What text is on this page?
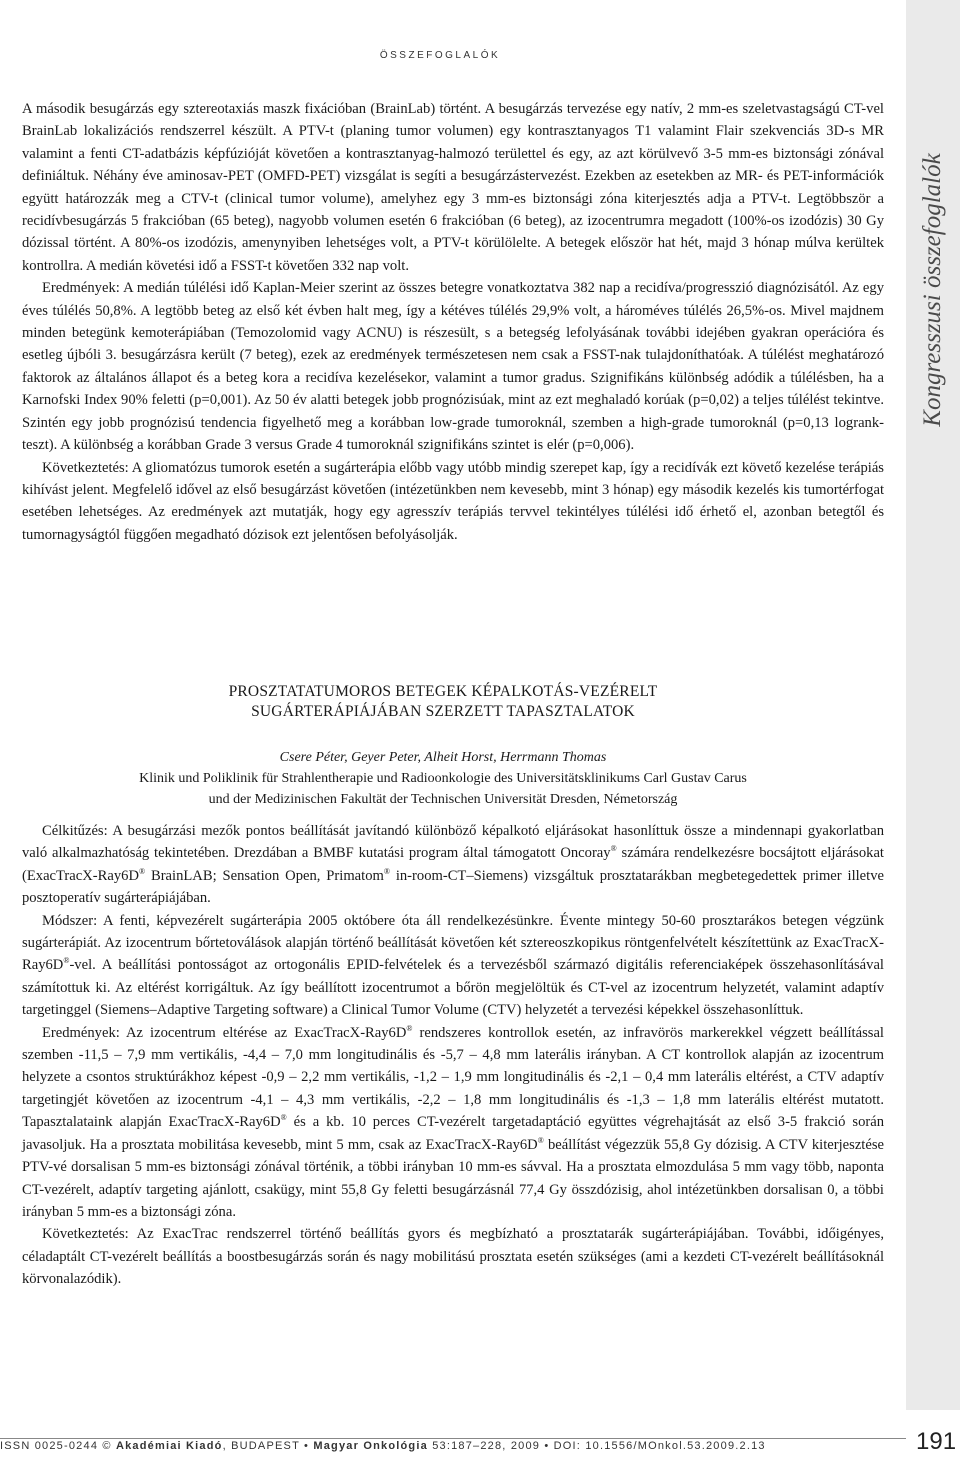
Kongresszusi összefoglalók
ÖSSZEFOGLALÓK

A második besugárzás egy sztereotaxiás maszk fixációban (BrainLab) történt. A besugárzás tervezése egy natív, 2 mm-es szeletvastagságú CT-vel BrainLab lokalizációs rendszerrel készült. A PTV-t (planing tumor volumen) egy kontrasztanyagos T1 valamint Flair szekvenciás 3D-s MR valamint a fenti CT-adatbázis képfúzióját követően a kontrasztanyag-halmozó területtel és egy, az azt körülvevő 3-5 mm-es biztonsági zónával definiáltuk. Néhány éve aminosav-PET (OMFD-PET) vizsgálat is segíti a besugárzástervezést. Ezekben az esetekben az MR- és PET-információk együtt határozzák meg a CTV-t (clinical tumor volume), amelyhez egy 3 mm-es biztonsági zóna kiterjesztés adja a PTV-t. Legtöbbször a recidívbesugárzás 5 frakcióban (65 beteg), nagyobb volumen esetén 6 frakcióban (6 beteg), az izocentrumra megadott (100%-os izodózis) 30 Gy dózissal történt. A 80%-os izodózis, amenynyiben lehetséges volt, a PTV-t körülölelte. A betegek először hat hét, majd 3 hónap múlva kerültek kontrollra. A medián követési idő a FSST-t követően 332 nap volt.

Eredmények: A medián túlélési idő Kaplan-Meier szerint az összes betegre vonatkoztatva 382 nap a recidíva/progresszió diagnózisától. Az egy éves túlélés 50,8%. A legtöbb beteg az első két évben halt meg, így a kétéves túlélés 29,9% volt, a hároméves túlélés 26,5%-os. Mivel majdnem minden betegünk kemoterápiában (Temozolomid vagy ACNU) is részesült, s a betegség lefolyásának további idejében gyakran operációra és esetleg újbóli 3. besugárzásra került (7 beteg), ezek az eredmények természetesen nem csak a FSST-nak tulajdoníthatóak. A túlélést meghatározó faktorok az általános állapot és a beteg kora a recidíva kezelésekor, valamint a tumor gradus. Szignifikáns különbség adódik a túlélésben, ha a Karnofski Index 90% feletti (p=0,001). Az 50 év alatti betegek jobb prognózisúak, mint az ezt meghaladó korúak (p=0,02) a teljes túlélést tekintve. Szintén egy jobb prognózisú tendencia figyelhető meg a korábban low-grade tumoroknál, szemben a high-grade tumoroknál (p=0,13 logrank-teszt). A különbség a korábban Grade 3 versus Grade 4 tumoroknál szignifikáns szintet is elér (p=0,006).

Következtetés: A gliomatózus tumorok esetén a sugárterápia előbb vagy utóbb mindig szerepet kap, így a recidívák ezt követő kezelése terápiás kihívást jelent. Megfelelő idővel az első besugárzást követően (intézetünkben nem kevesebb, mint 3 hónap) egy második kezelés kis tumortérfogat esetében lehetséges. Az eredmények azt mutatják, hogy egy agresszív terápiás tervvel tekintélyes túlélési idő érhető el, azonban betegtől és tumornagyságtól függően megadható dózisok ezt jelentősen befolyásolják.

PROSZTATATUMOROS BETEGEK KÉPALKOTÁS-VEZÉRELT
SUGÁRTERÁPIÁJÁBAN SZERZETT TAPASZTALATOK
Csere Péter, Geyer Peter, Alheit Horst, Herrmann Thomas
Klinik und Poliklinik für Strahlentherapie und Radioonkologie des Universitätsklinikums Carl Gustav Carus
und der Medizinischen Fakultät der Technischen Universität Dresden, Németország

Célkitűzés: A besugárzási mezők pontos beállítását javítandó különböző képalkotó eljárásokat hasonlíttuk össze a mindennapi gyakorlatban való alkalmazhatóság tekintetében. Drezdában a BMBF kutatási program által támogatott Oncoray® számára rendelkezésre bocsájtott eljárásokat (ExacTracX-Ray6D® BrainLAB; Sensation Open, Primatom® in-room-CT–Siemens) vizsgáltuk prosztatarákban megbetegedettek primer illetve posztoperatív sugárterápiájában.

Módszer: A fenti, képvezérelt sugárterápia 2005 októbere óta áll rendelkezésünkre. Évente mintegy 50-60 prosztarákos betegen végzünk sugárterápiát. Az izocentrum bőrtetoválások alapján történő beállítását követően két sztereoszkopikus röntgenfelvételt készítettünk az ExacTracX-Ray6D®-vel. A beállítási pontosságot az ortogonális EPID-felvételek és a tervezésből származó digitális referenciaképek összehasonlításával számítottuk ki. Az eltérést korrigáltuk. Az így beállított izocentrumot a bőrön megjelöltük és CT-vel az izocentrum helyzetét, valamint adaptív targetinggel (Siemens–Adaptive Targeting software) a Clinical Tumor Volume (CTV) helyzetét a tervezési képekkel összehasonlíttuk.

Eredmények: Az izocentrum eltérése az ExacTracX-Ray6D® rendszeres kontrollok esetén, az infravörös markerekkel végzett beállítással szemben -11,5 – 7,9 mm vertikális, -4,4 – 7,0 mm longitudinális és -5,7 – 4,8 mm laterális irányban. A CT kontrollok alapján az izocentrum helyzete a csontos struktúrákhoz képest -0,9 – 2,2 mm vertikális, -1,2 – 1,9 mm longitudinális és -2,1 – 0,4 mm laterális eltérést, a CTV adaptív targetingjét követően az izocentrum -4,1 – 4,3 mm vertikális, -2,2 – 1,8 mm longitudinális és -1,3 – 1,8 mm laterális eltérést mutatott. Tapasztalataink alapján ExacTracX-Ray6D® és a kb. 10 perces CT-vezérelt targetadaptáció együttes végrehajtását az első 3-5 frakció során javasoljuk. Ha a prosztata mobilitása kevesebb, mint 5 mm, csak az ExacTracX-Ray6D® beállítást végezzük 55,8 Gy dózisig. A CTV kiterjesztése PTV-vé dorsalisan 5 mm-es biztonsági zónával történik, a többi irányban 10 mm-es sávval. Ha a prosztata elmozdulása 5 mm vagy több, naponta CT-vezérelt, adaptív targeting ajánlott, csakügy, mint 55,8 Gy feletti besugárzásnál 77,4 Gy összdózisig, ahol intézetünkben dorsalisan 0, a többi irányban 5 mm-es a biztonsági zóna.

Következtetés: Az ExacTrac rendszerrel történő beállítás gyors és megbízható a prosztatarák sugárterápiájában. További, időigényes, céladaptált CT-vezérelt beállítás a boostbesugárzás során és nagy mobilitású prosztata esetén szükséges (ami a kezdeti CT-vezérelt beállításoknál körvonalazódik).

ISSN 0025-0244 © Akadémiai Kiadó, BUDAPEST • Magyar Onkológia 53:187–228, 2009 • DOI: 10.1556/MOnkol.53.2009.2.13	191
